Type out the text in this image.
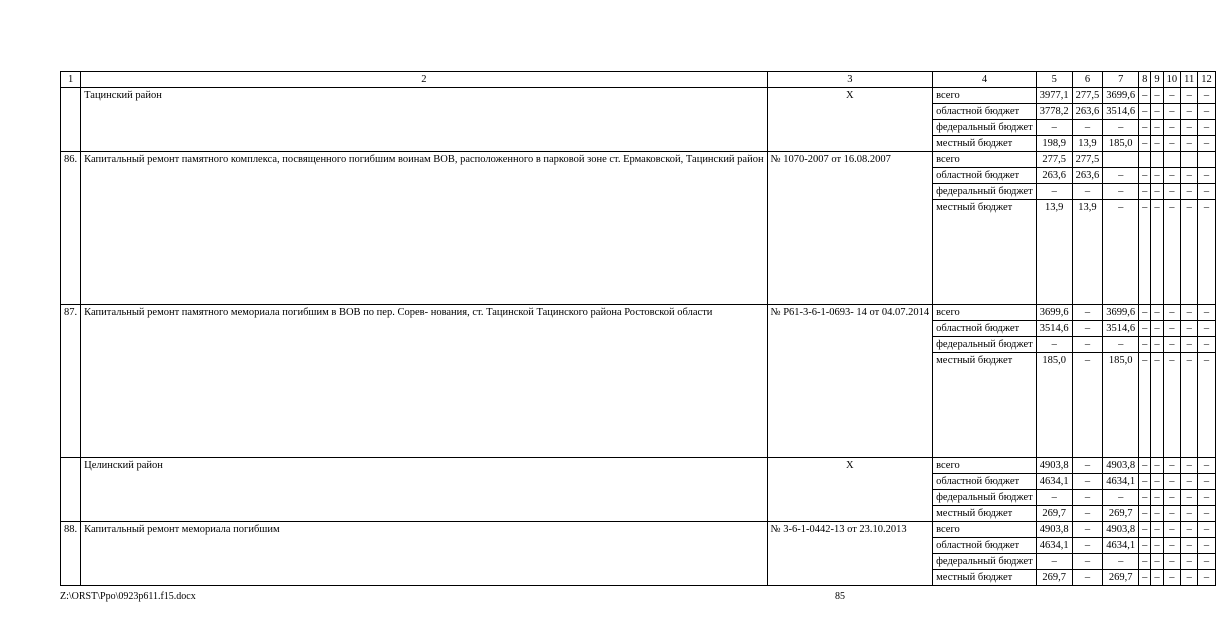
1	2	3	4	5	6	7	8	9	10	11	12
	Тацинский район	Х	всего	3977,1	277,5	3699,6	–	–	–	–	–
			областной бюджет	3778,2	263,6	3514,6	–	–	–	–	–
			федеральный бюджет	–	–	–	–	–	–	–	–
			местный бюджет	198,9	13,9	185,0	–	–	–	–	–
86.	Капитальный ремонт памятного комплекса, посвященного погибшим воинам ВОВ, расположенного в парковой зоне ст. Ермаковской, Тацинский район	№ 1070-2007 от 16.08.2007	всего	277,5	277,5						
			областной бюджет	263,6	263,6	–	–	–	–	–	–
			федеральный бюджет	–	–	–	–	–	–	–	–
			местный бюджет	13,9	13,9	–	–	–	–	–	–
87.	Капитальный ремонт памятного мемориала погибшим в ВОВ по пер. Сорев- нования, ст. Тацинской Тацинского района Ростовской области	№ Р61-3-6-1-0693- 14 от 04.07.2014	всего	3699,6	–	3699,6	–	–	–	–	–
			областной бюджет	3514,6	–	3514,6	–	–	–	–	–
			федеральный бюджет	–	–	–	–	–	–	–	–
			местный бюджет	185,0	–	185,0	–	–	–	–	–
	Целинский район	Х	всего	4903,8	–	4903,8	–	–	–	–	–
			областной бюджет	4634,1	–	4634,1	–	–	–	–	–
			федеральный бюджет	–	–	–	–	–	–	–	–
			местный бюджет	269,7	–	269,7	–	–	–	–	–
88.	Капитальный ремонт мемориала погибшим	№ 3-6-1-0442-13 от 23.10.2013	всего	4903,8	–	4903,8	–	–	–	–	–
			областной бюджет	4634,1	–	4634,1	–	–	–	–	–
			федеральный бюджет	–	–	–	–	–	–	–	–
			местный бюджет	269,7	–	269,7	–	–	–	–	–
Z:\ORST\Ppo\0923p611.f15.docx	85
